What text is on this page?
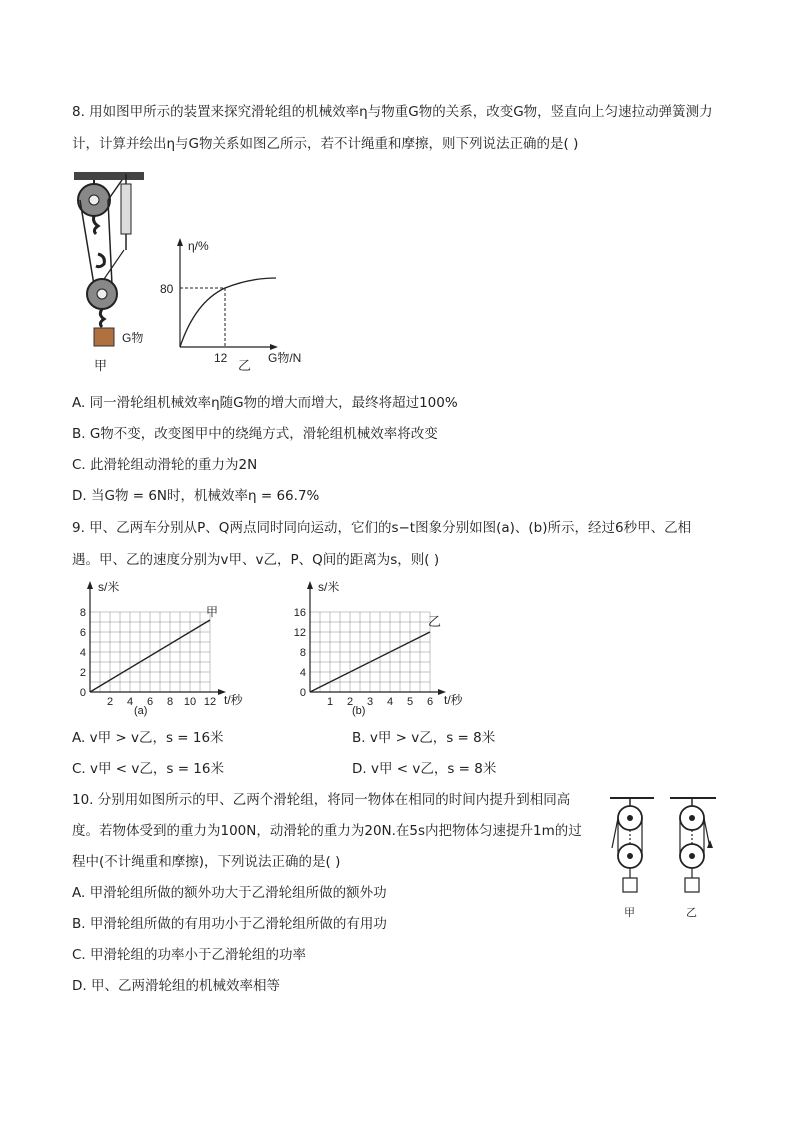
8. 用如图甲所示的装置来探究滑轮组的机械效率η与物重G物的关系，改变G物，竖直向上匀速拉动弹簧测力
计，计算并绘出η与G物关系如图乙所示，若不计绳重和摩擦，则下列说法正确的是( )
G物
甲
η/%
80
12	G物/N
乙
A. 同一滑轮组机械效率η随G物的增大而增大，最终将超过100%
B. G物不变，改变图甲中的绕绳方式，滑轮组机械效率将改变
C. 此滑轮组动滑轮的重力为2N
D. 当G物 = 6N时，机械效率η = 66.7%
9. 甲、乙两车分别从P、Q两点同时同向运动，它们的s−t图象分别如图(a)、(b)所示，经过6秒甲、乙相
遇。甲、乙的速度分别为v甲、v乙，P、Q间的距离为s，则( )
0
2
4
6
8
2 4 6 8 10 12
s/米
t/秒
甲
(a)
0
4
8
12
16
1 2 3 4 5 6
s/米
t/秒
乙
(b)
A. v甲 > v乙，s = 16米	B. v甲 > v乙，s = 8米
C. v甲 < v乙，s = 16米	D. v甲 < v乙，s = 8米
10. 分别用如图所示的甲、乙两个滑轮组，将同一物体在相同的时间内提升到相同高
度。若物体受到的重力为100N，动滑轮的重力为20N.在5s内把物体匀速提升1m的过
程中(不计绳重和摩擦)，下列说法正确的是( )
A. 甲滑轮组所做的额外功大于乙滑轮组所做的额外功
B. 甲滑轮组所做的有用功小于乙滑轮组所做的有用功
C. 甲滑轮组的功率小于乙滑轮组的功率
D. 甲、乙两滑轮组的机械效率相等
甲	乙
